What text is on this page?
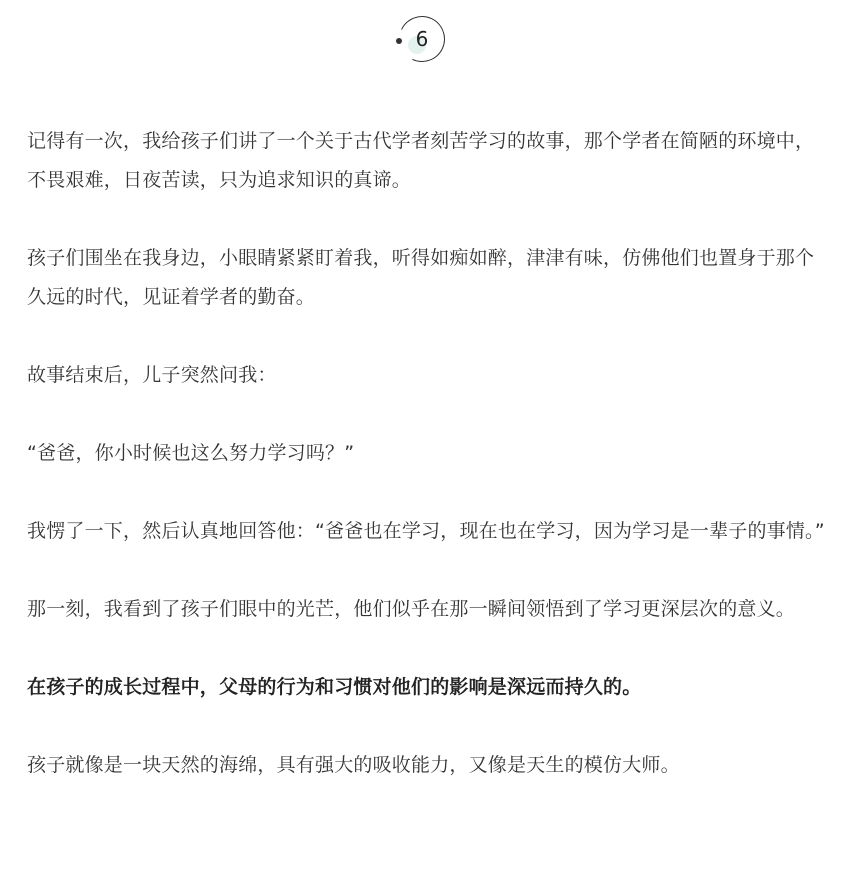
6

记得有一次，我给孩子们讲了一个关于古代学者刻苦学习的故事，那个学者在简陋的环境中，不畏艰难，日夜苦读，只为追求知识的真谛。

孩子们围坐在我身边，小眼睛紧紧盯着我，听得如痴如醉，津津有味，仿佛他们也置身于那个久远的时代，见证着学者的勤奋。

故事结束后，儿子突然问我：

“爸爸，你小时候也这么努力学习吗？”

我愣了一下，然后认真地回答他：“爸爸也在学习，现在也在学习，因为学习是一辈子的事情。”

那一刻，我看到了孩子们眼中的光芒，他们似乎在那一瞬间领悟到了学习更深层次的意义。

在孩子的成长过程中，父母的行为和习惯对他们的影响是深远而持久的。

孩子就像是一块天然的海绵，具有强大的吸收能力，又像是天生的模仿大师。
